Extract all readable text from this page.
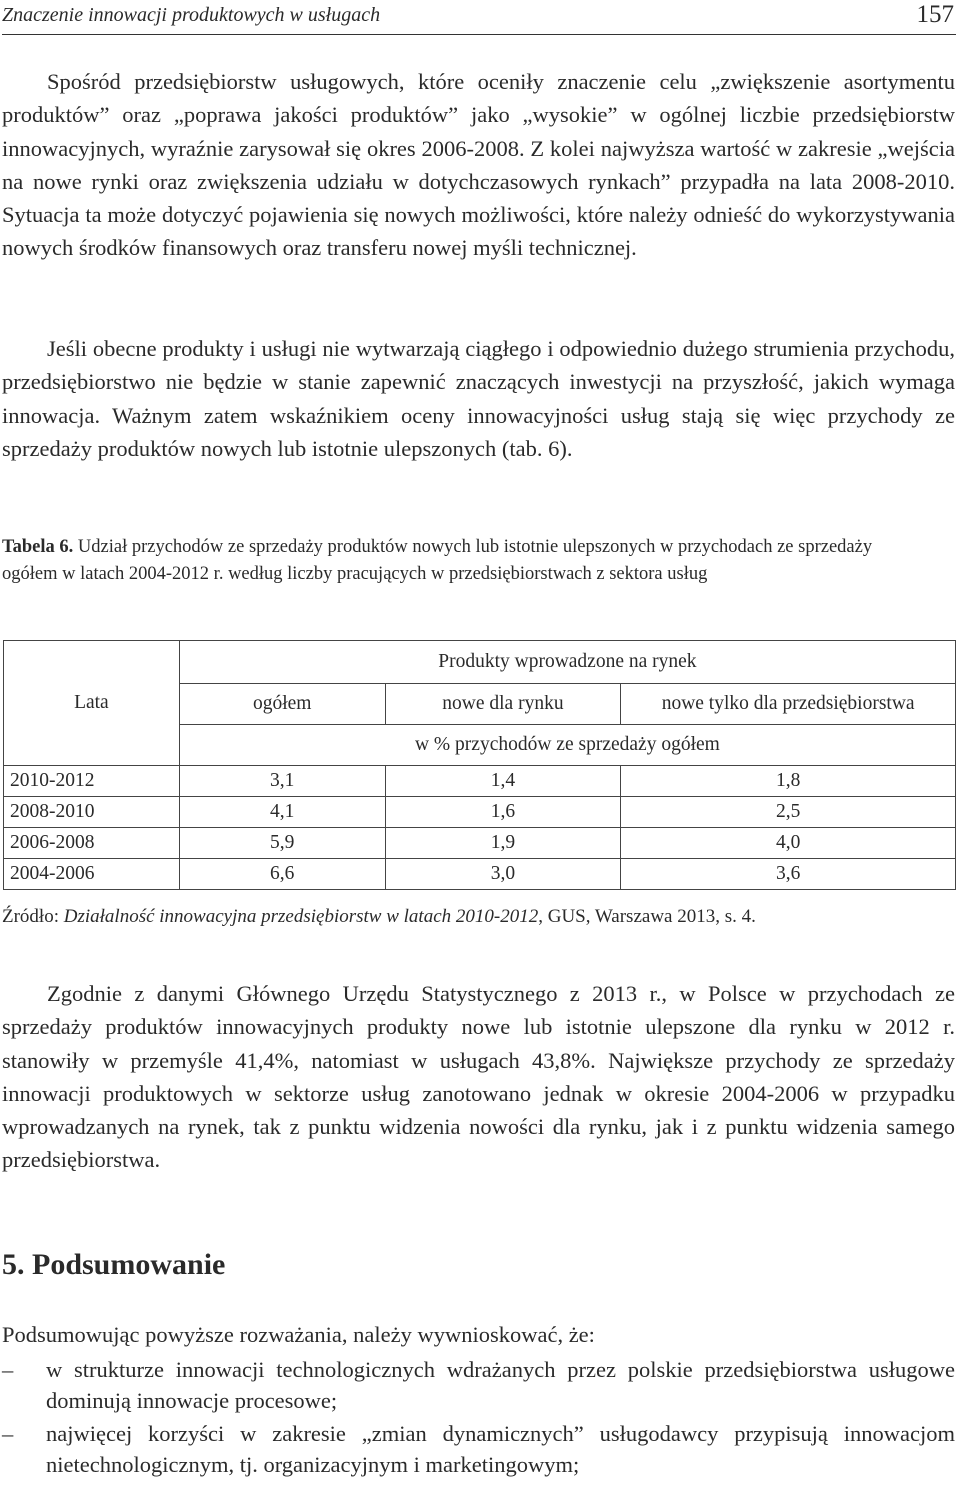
Znaczenie innowacji produktowych w usługach	157

Spośród przedsiębiorstw usługowych, które oceniły znaczenie celu „zwiększenie asortymentu produktów” oraz „poprawa jakości produktów” jako „wysokie” w ogólnej liczbie przedsiębiorstw innowacyjnych, wyraźnie zarysował się okres 2006-2008. Z kolei najwyższa wartość w zakresie „wejścia na nowe rynki oraz zwiększenia udziału w dotychczasowych rynkach” przypadła na lata 2008-2010. Sytuacja ta może dotyczyć pojawienia się nowych możliwości, które należy odnieść do wykorzystywania nowych środków finansowych oraz transferu nowej myśli technicznej.

Jeśli obecne produkty i usługi nie wytwarzają ciągłego i odpowiednio dużego strumienia przychodu, przedsiębiorstwo nie będzie w stanie zapewnić znaczących inwestycji na przyszłość, jakich wymaga innowacja. Ważnym zatem wskaźnikiem oceny innowacyjności usług stają się więc przychody ze sprzedaży produktów nowych lub istotnie ulepszonych (tab. 6).

Tabela 6. Udział przychodów ze sprzedaży produktów nowych lub istotnie ulepszonych w przychodach ze sprzedaży ogółem w latach 2004-2012 r. według liczby pracujących w przedsiębiorstwach z sektora usług
Lata	Produkty wprowadzone na rynek		
	ogółem	nowe dla rynku	nowe tylko dla przedsiębiorstwa
	w % przychodów ze sprzedaży ogółem		
2010-2012	3,1	1,4	1,8
2008-2010	4,1	1,6	2,5
2006-2008	5,9	1,9	4,0
2004-2006	6,6	3,0	3,6
Źródło: Działalność innowacyjna przedsiębiorstw w latach 2010-2012, GUS, Warszawa 2013, s. 4.

Zgodnie z danymi Głównego Urzędu Statystycznego z 2013 r., w Polsce w przychodach ze sprzedaży produktów innowacyjnych produkty nowe lub istotnie ulepszone dla rynku w 2012 r. stanowiły w przemyśle 41,4%, natomiast w usługach 43,8%. Największe przychody ze sprzedaży innowacji produktowych w sektorze usług zanotowano jednak w okresie 2004-2006 w przypadku wprowadzanych na rynek, tak z punktu widzenia nowości dla rynku, jak i z punktu widzenia samego przedsiębiorstwa.

5. Podsumowanie
Podsumowując powyższe rozważania, należy wywnioskować, że:
– w strukturze innowacji technologicznych wdrażanych przez polskie przedsiębiorstwa usługowe dominują innowacje procesowe;
– najwięcej korzyści w zakresie „zmian dynamicznych” usługodawcy przypisują innowacjom nietechnologicznym, tj. organizacyjnym i marketingowym;
